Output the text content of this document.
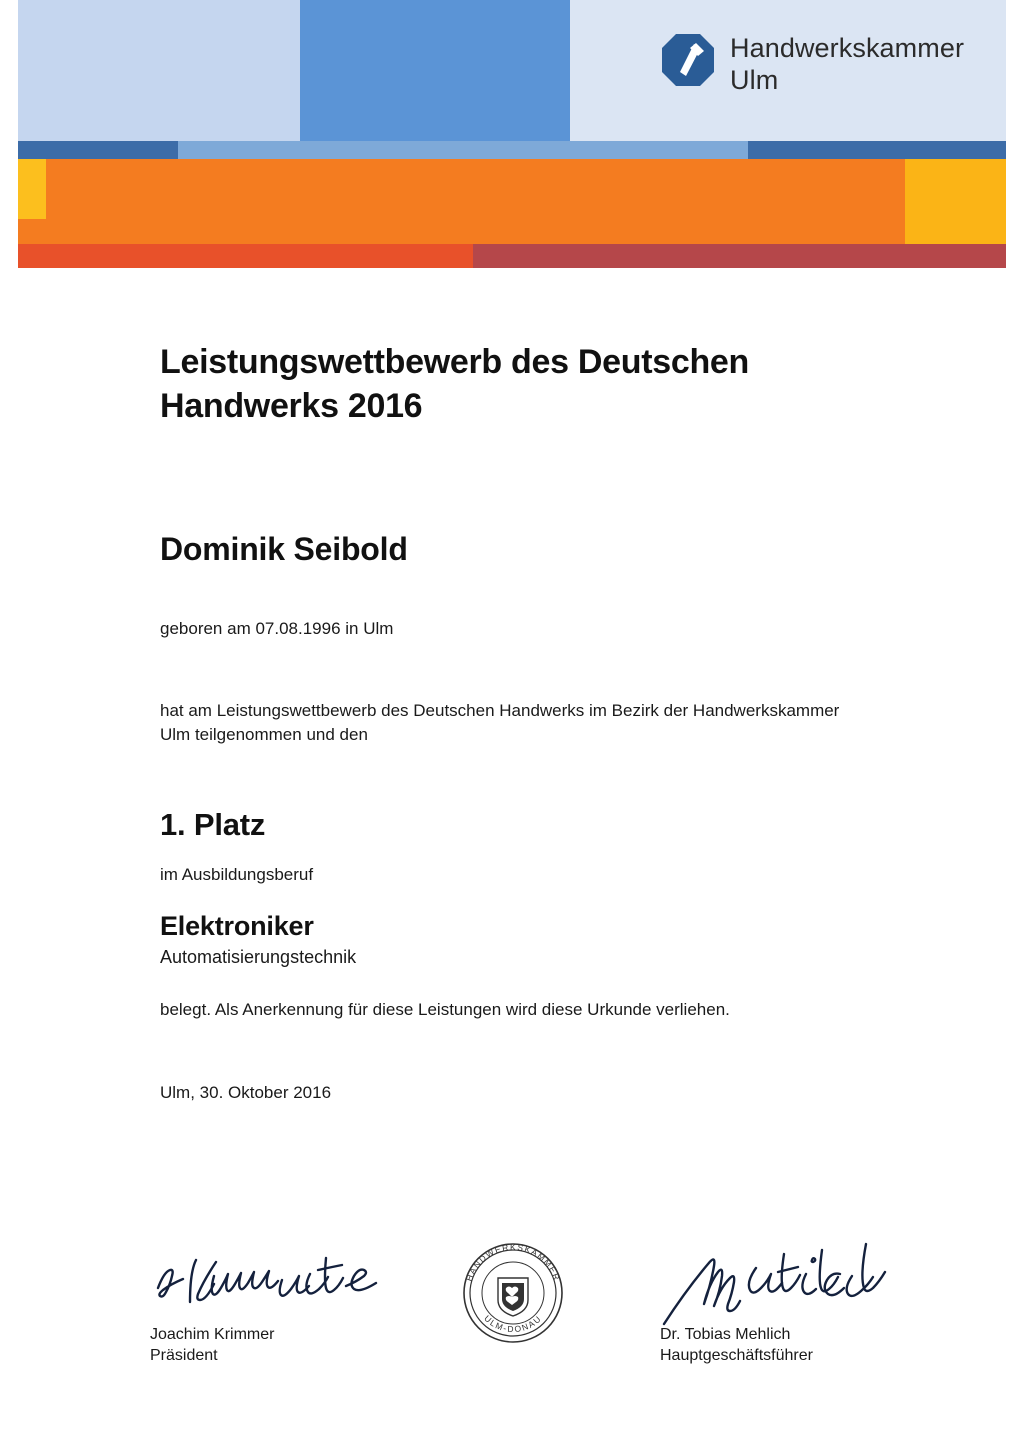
Handwerkskammer
Ulm
Leistungswettbewerb des Deutschen Handwerks 2016
Dominik Seibold
geboren am 07.08.1996 in Ulm
hat am Leistungswettbewerb des Deutschen Handwerks im Bezirk der Handwerkskammer Ulm teilgenommen und den
1. Platz
im Ausbildungsberuf
Elektroniker
Automatisierungstechnik
belegt. Als Anerkennung für diese Leistungen wird diese Urkunde verliehen.
Ulm, 30. Oktober 2016
HANDWERKSKAMMER
ULM-DONAU
Joachim Krimmer
Präsident
Dr. Tobias Mehlich
Hauptgeschäftsführer
